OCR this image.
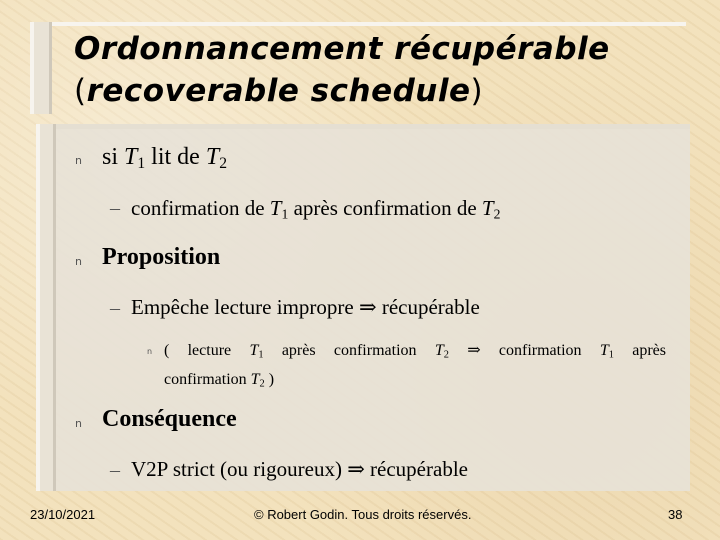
Ordonnancement récupérable
(recoverable schedule)
n si $T_1$ lit de $T_2$
– confirmation de $T_1$ après confirmation de $T_2$
n Proposition
– Empêche lecture impropre ⇒ récupérable
n ( lecture $T_1$ après confirmation $T_2$ ⇒ confirmation $T_1$ après
confirmation $T_2$ )
n Conséquence
– V2P strict (ou rigoureux) ⇒ récupérable
23/10/2021	© Robert Godin. Tous droits réservés.	38
